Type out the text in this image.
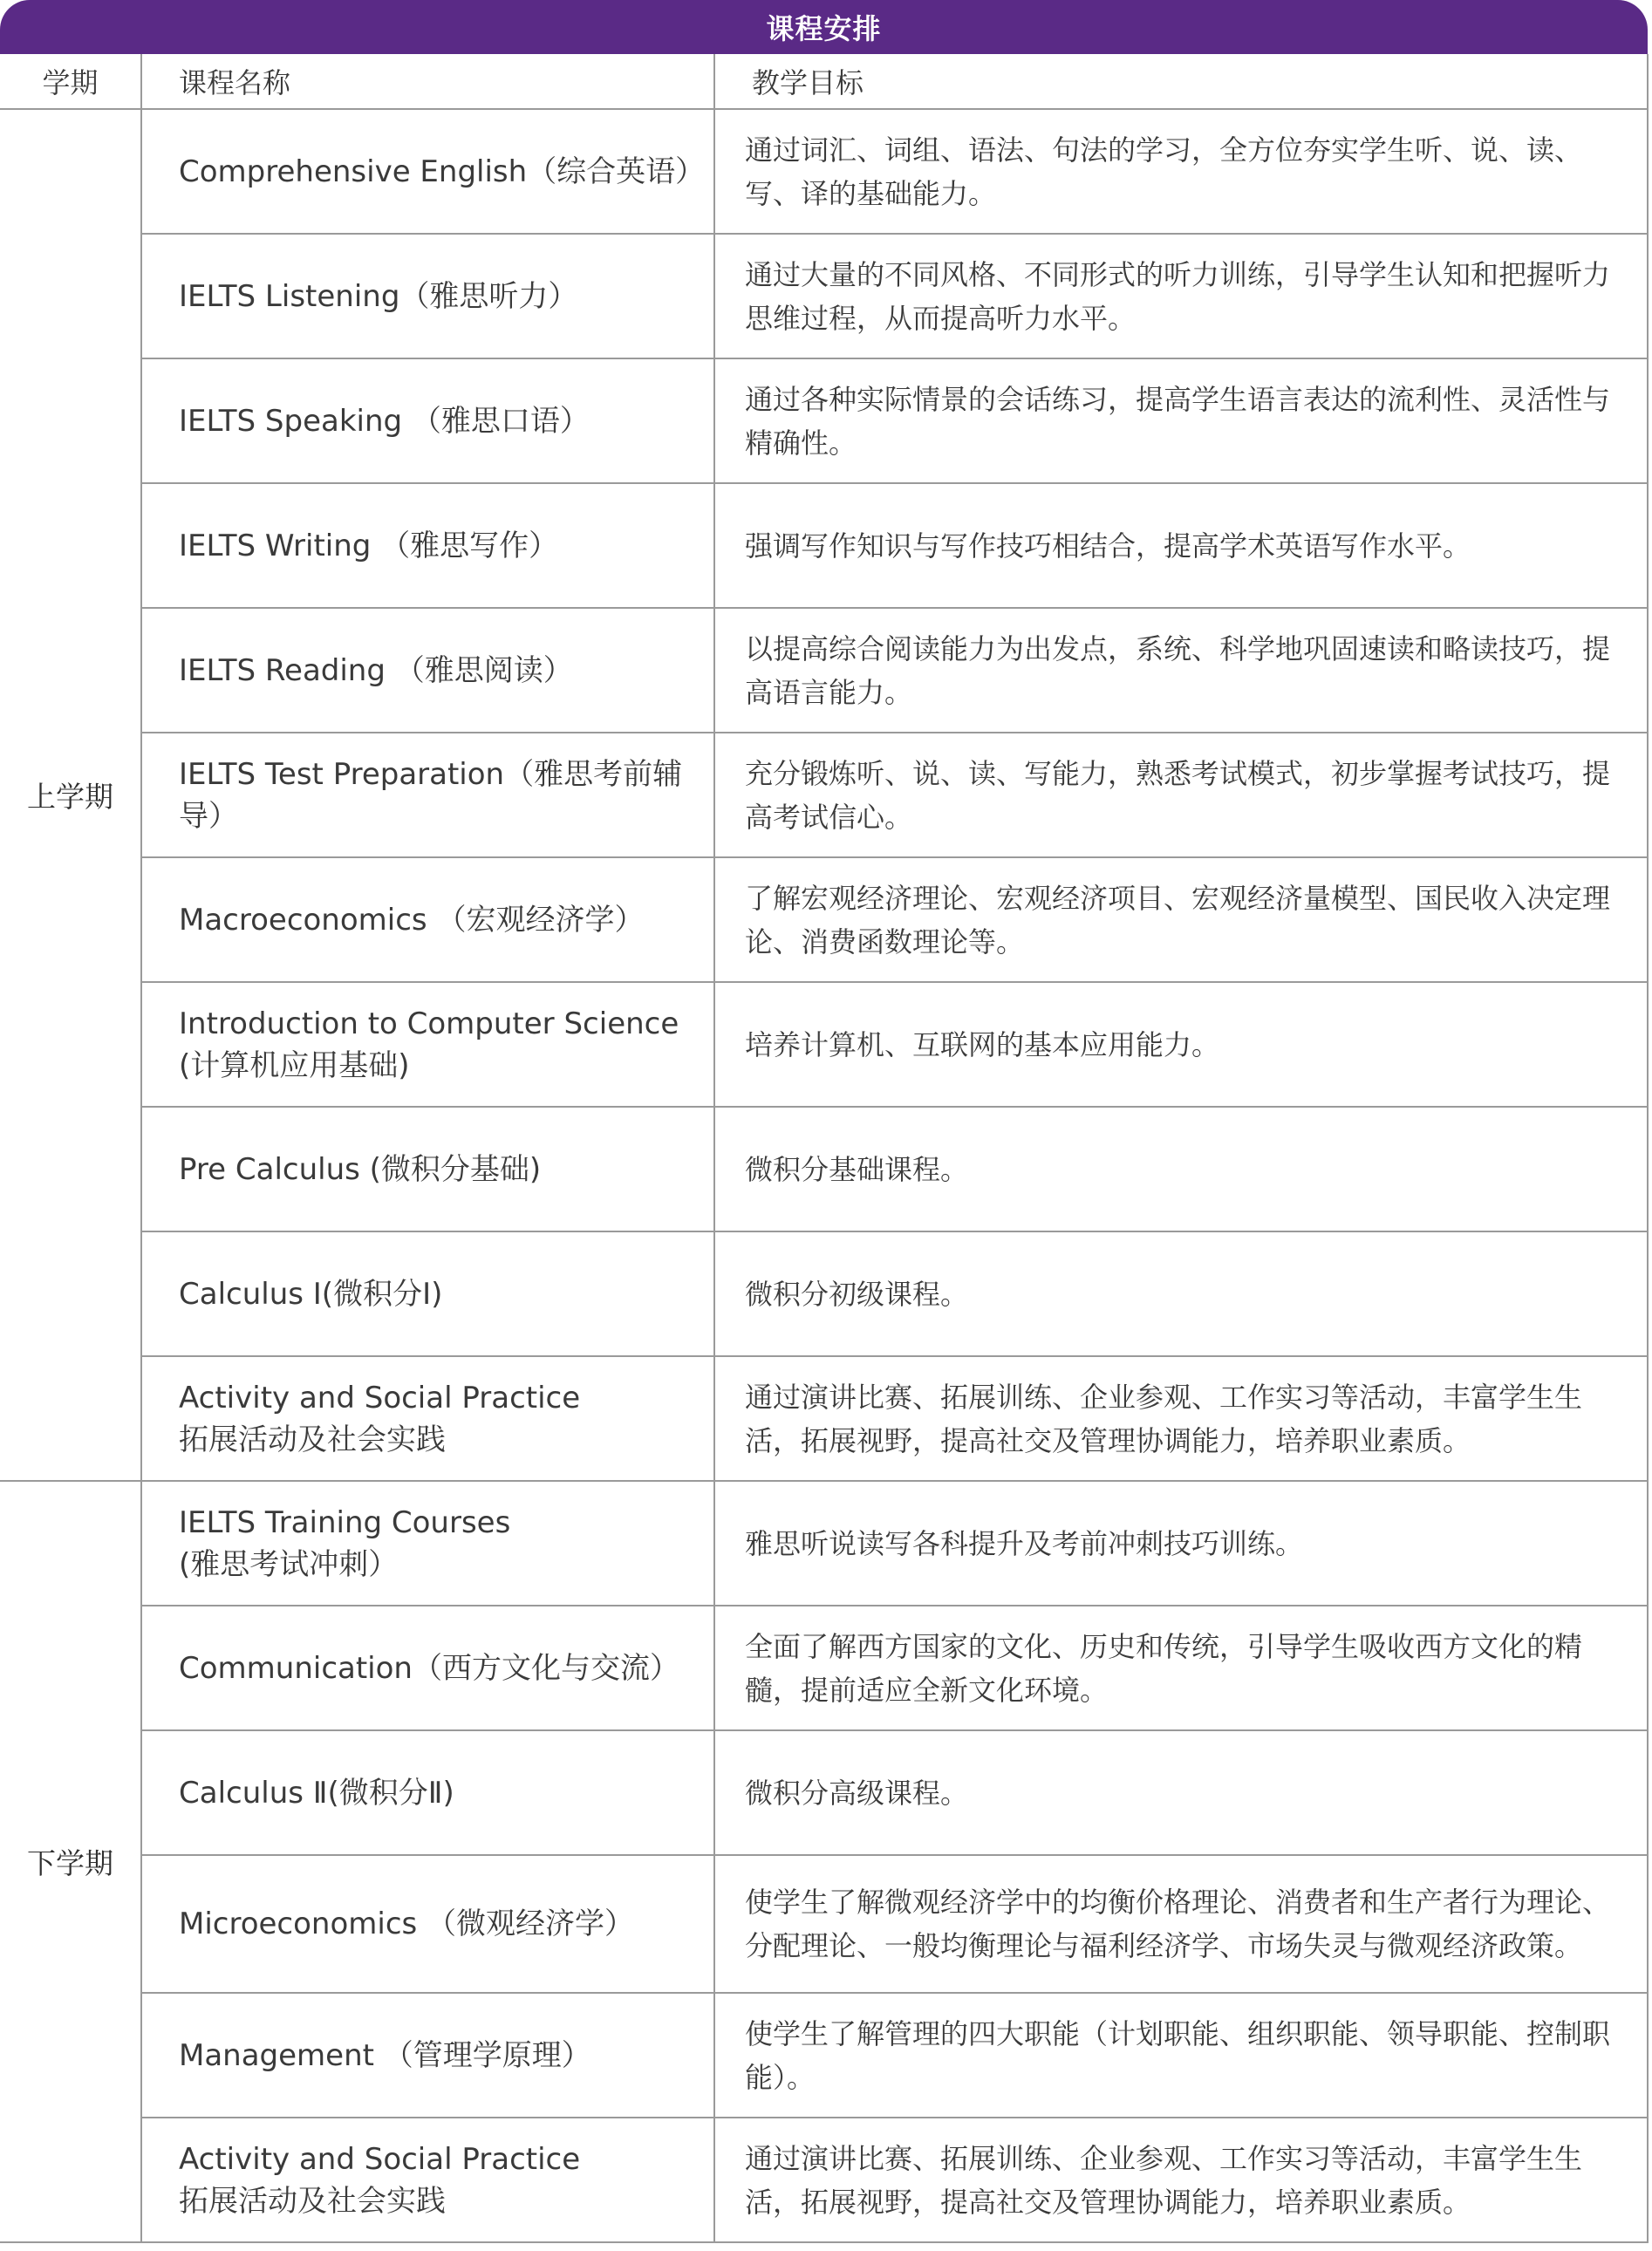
课程安排
学期	课程名称	教学目标
上学期	Comprehensive English（综合英语）	通过词汇、词组、语法、句法的学习，全方位夯实学生听、说、读、写、译的基础能力。

	IELTS Listening（雅思听力）	通过大量的不同风格、不同形式的听力训练，引导学生认知和把握听力思维过程，从而提高听力水平。

	IELTS Speaking （雅思口语）	通过各种实际情景的会话练习，提高学生语言表达的流利性、灵活性与精确性。

	IELTS Writing （雅思写作）	强调写作知识与写作技巧相结合，提高学术英语写作水平。

	IELTS Reading （雅思阅读）	以提高综合阅读能力为出发点，系统、科学地巩固速读和略读技巧，提高语言能力。

	IELTS Test Preparation（雅思考前辅导）	充分锻炼听、说、读、写能力，熟悉考试模式，初步掌握考试技巧，提高考试信心。

	Macroeconomics （宏观经济学）	了解宏观经济理论、宏观经济项目、宏观经济量模型、国民收入决定理论、消费函数理论等。

	Introduction to Computer Science
(计算机应用基础)	培养计算机、互联网的基本应用能力。

	Pre Calculus (微积分基础)	微积分基础课程。

	Calculus Ⅰ(微积分Ⅰ)	微积分初级课程。

	Activity and Social Practice
拓展活动及社会实践	通过演讲比赛、拓展训练、企业参观、工作实习等活动，丰富学生生活，拓展视野，提高社交及管理协调能力，培养职业素质。
下学期	IELTS Training Courses
(雅思考试冲刺）	雅思听说读写各科提升及考前冲刺技巧训练。

	Communication（西方文化与交流）	全面了解西方国家的文化、历史和传统，引导学生吸收西方文化的精髓，提前适应全新文化环境。

	Calculus Ⅱ(微积分Ⅱ)	微积分高级课程。

	Microeconomics （微观经济学）	使学生了解微观经济学中的均衡价格理论、消费者和生产者行为理论、分配理论、一般均衡理论与福利经济学、市场失灵与微观经济政策。

	Management （管理学原理）	使学生了解管理的四大职能（计划职能、组织职能、领导职能、控制职能）。

	Activity and Social Practice
拓展活动及社会实践	通过演讲比赛、拓展训练、企业参观、工作实习等活动，丰富学生生活，拓展视野，提高社交及管理协调能力，培养职业素质。
